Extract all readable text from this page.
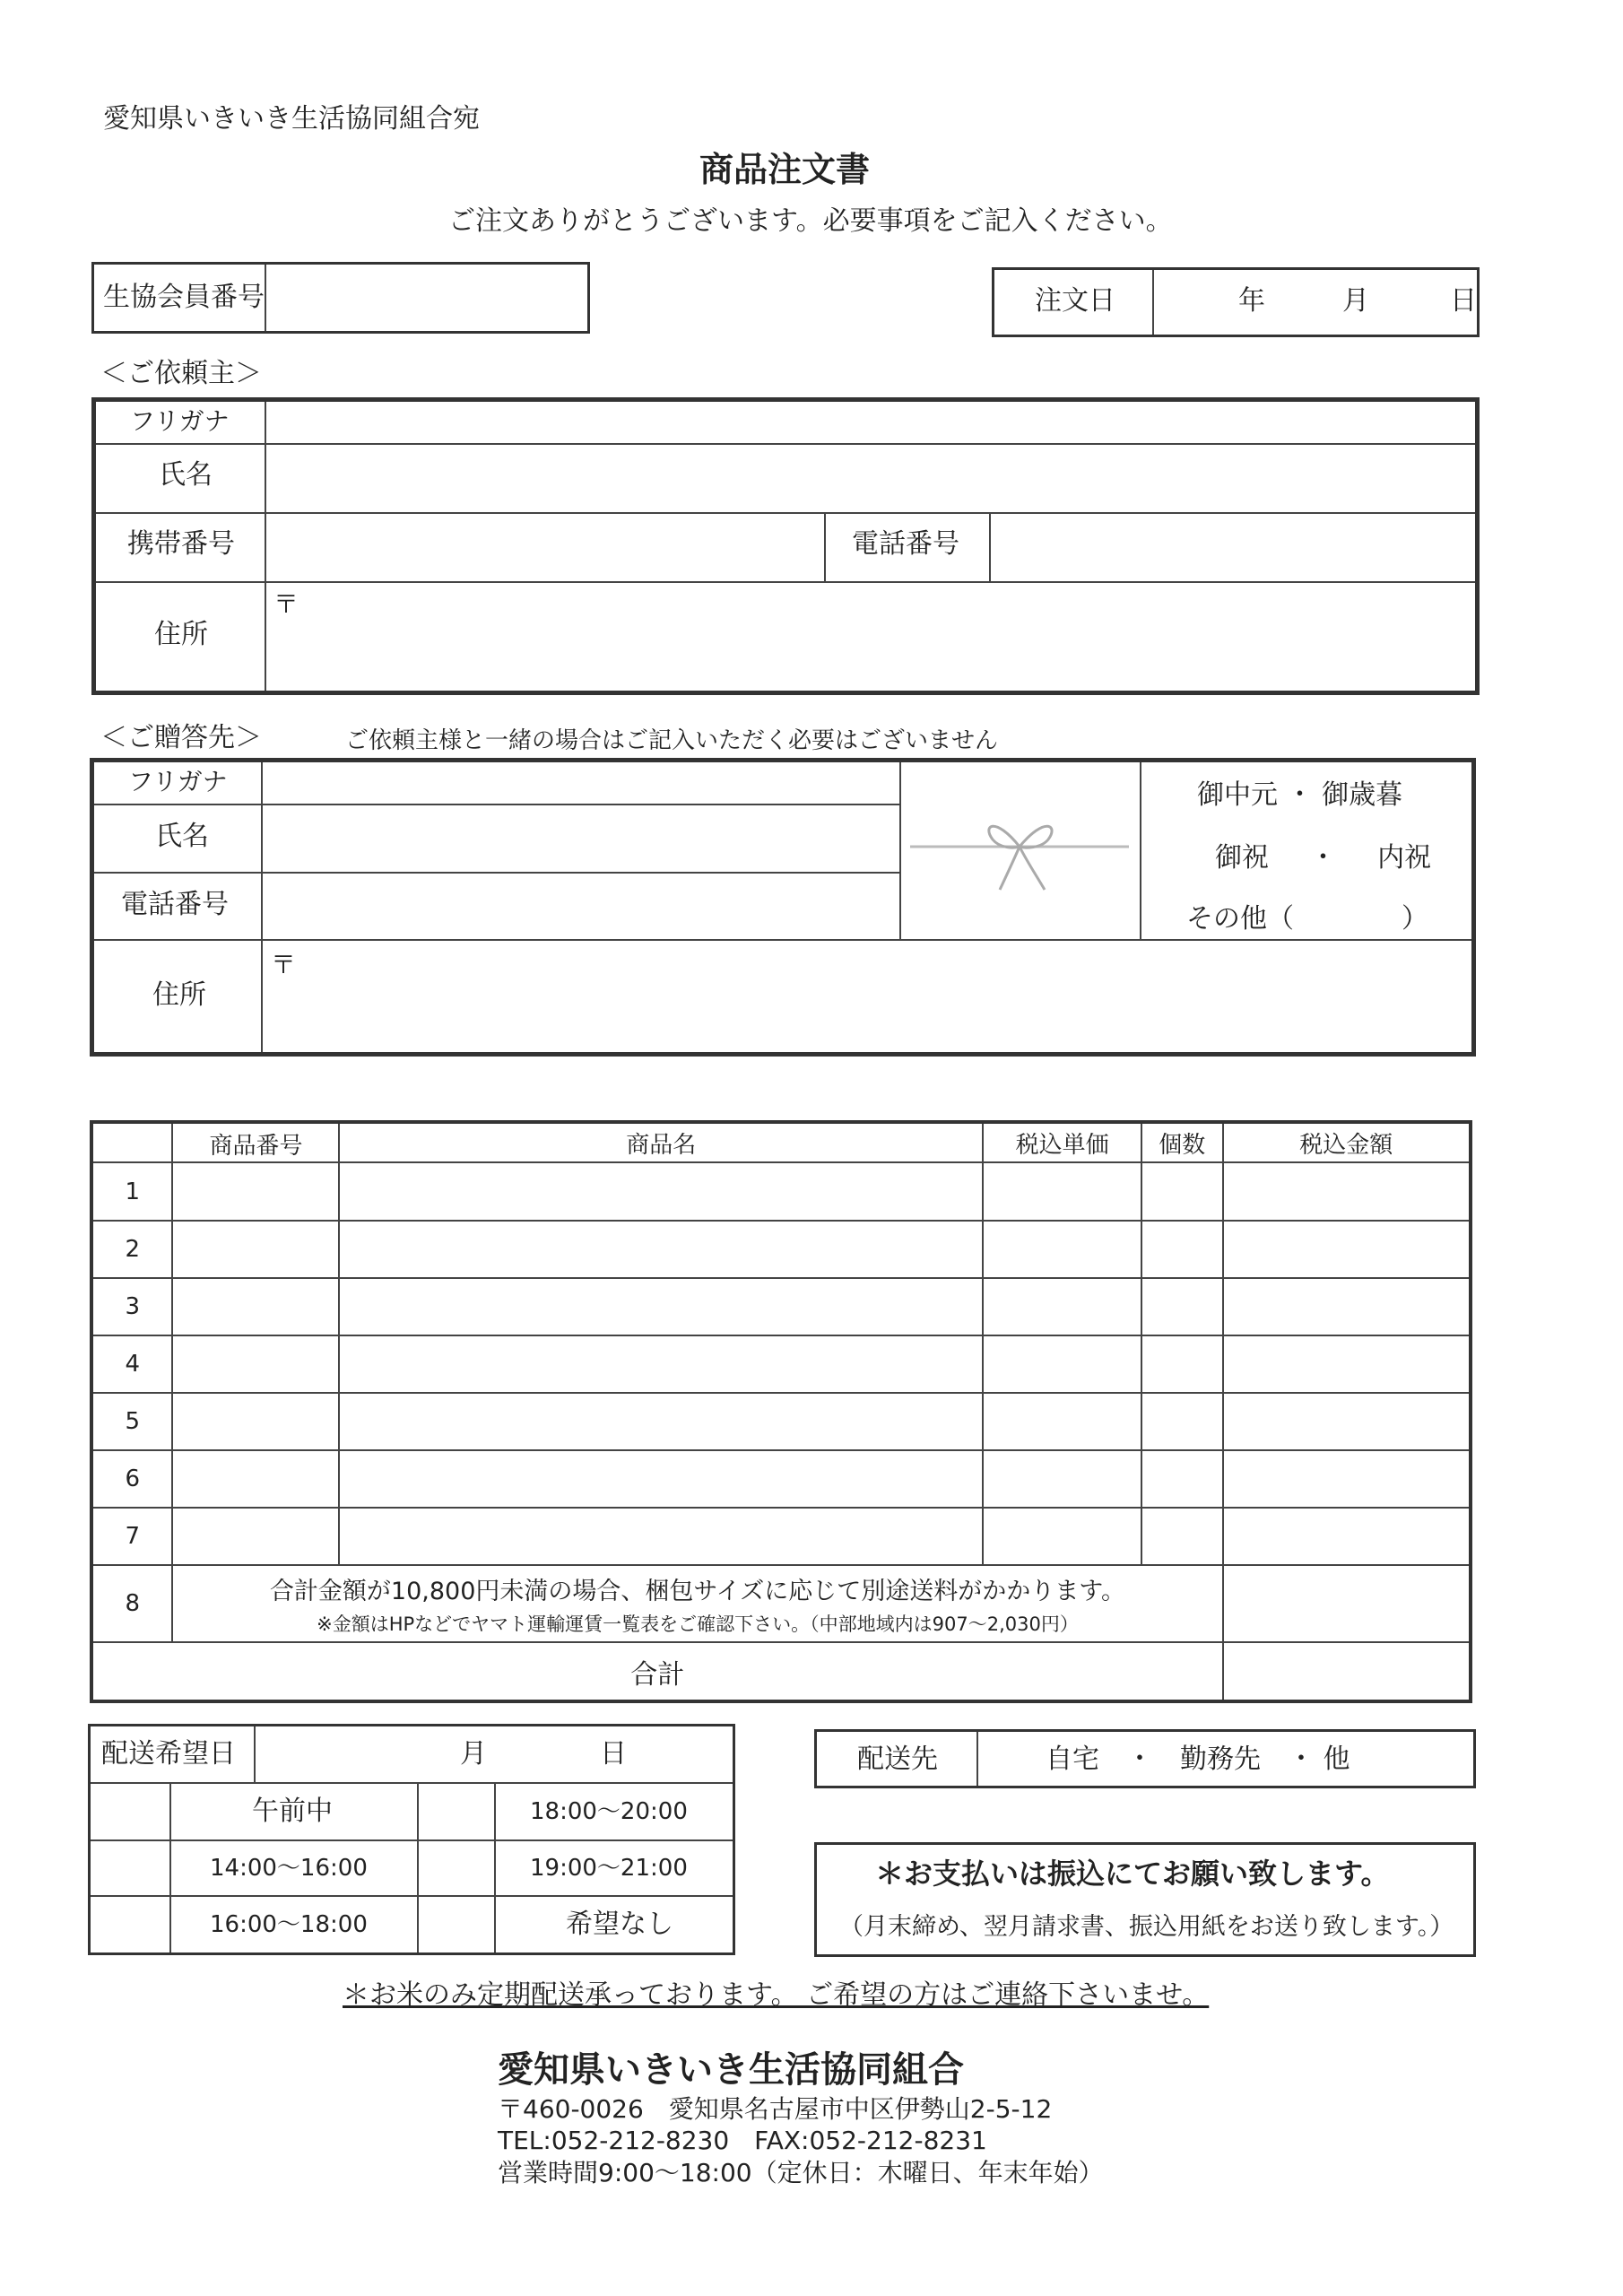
愛知県いきいき生活協同組合宛
商品注文書
ご注文ありがとうございます。必要事項をご記入ください。
生協会員番号	注文日	年	月	日
＜ご依頼主＞
フリガナ
氏名
携帯番号	電話番号
住所
〒
＜ご贈答先＞	ご依頼主様と一緒の場合はご記入いただく必要はございません
フリガナ
氏名
電話番号
住所
〒
御中元 ・ 御歳暮
御祝 ・ 内祝
その他（　　　　）
	商品番号	商品名	税込単価	個数	税込金額
1					
2					
3					
4					
5					
6					
7					
8	合計金額が10,800円未満の場合、梱包サイズに応じて別途送料がかかります。
※金額はHPなどでヤマト運輸運賃一覧表をご確認下さい。（中部地域内は907〜2,030円）				

合計					
配送希望日	月	日
午前中	18:00〜20:00
14:00〜16:00	19:00〜21:00
16:00〜18:00	希望なし
配送先	自宅　・　勤務先　・ 他
＊お支払いは振込にてお願い致します。
（月末締め、翌月請求書、振込用紙をお送り致します。）
＊お米のみ定期配送承っております。 ご希望の方はご連絡下さいませ。
愛知県いきいき生活協同組合
〒460-0026　愛知県名古屋市中区伊勢山2-5-12
TEL:052-212-8230　FAX:052-212-8231
営業時間9:00〜18:00（定休日：木曜日、年末年始）
